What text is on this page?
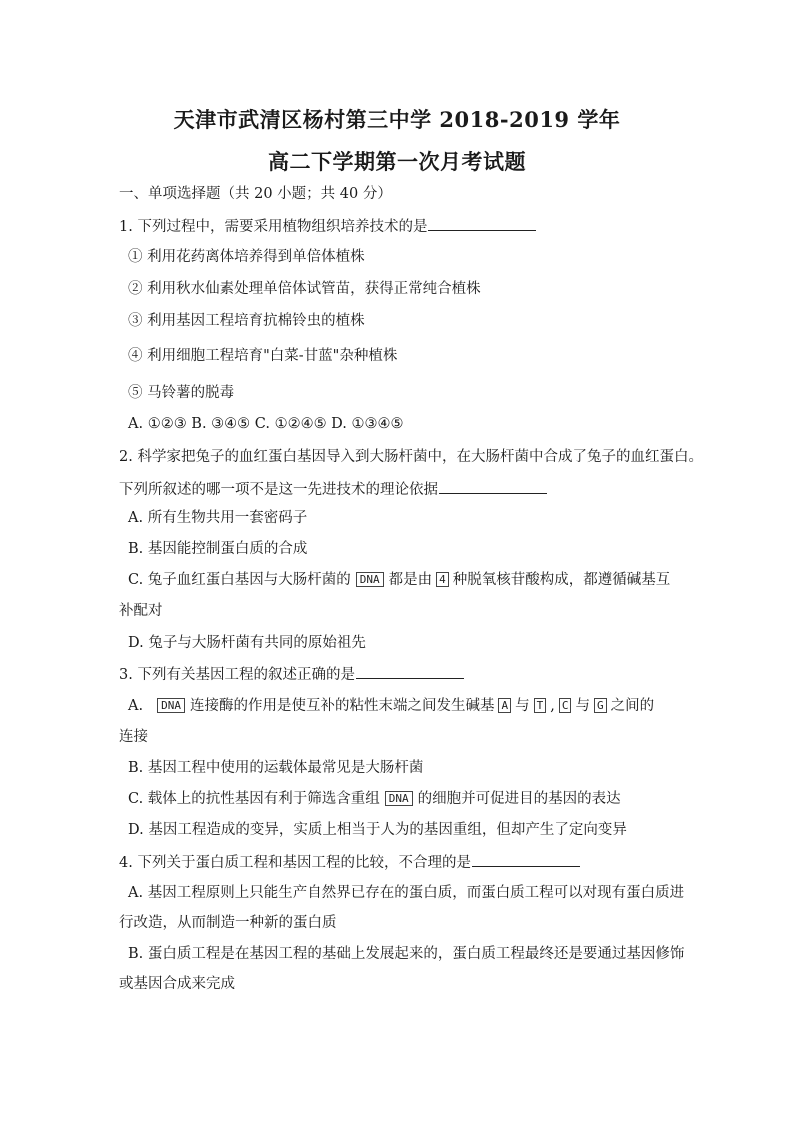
天津市武清区杨村第三中学 2018-2019 学年
高二下学期第一次月考试题
一、单项选择题（共 20 小题；共 40 分）
1. 下列过程中，需要采用植物组织培养技术的是
① 利用花药离体培养得到单倍体植株
② 利用秋水仙素处理单倍体试管苗，获得正常纯合植株
③ 利用基因工程培育抗棉铃虫的植株
④ 利用细胞工程培育"白菜-甘蓝"杂种植株
⑤ 马铃薯的脱毒
A. ①②③ B. ③④⑤ C. ①②④⑤ D. ①③④⑤
2. 科学家把兔子的血红蛋白基因导入到大肠杆菌中，在大肠杆菌中合成了兔子的血红蛋白。
下列所叙述的哪一项不是这一先进技术的理论依据
A. 所有生物共用一套密码子
B. 基因能控制蛋白质的合成
C. 兔子血红蛋白基因与大肠杆菌的 DNA 都是由 4 种脱氧核苷酸构成，都遵循碱基互
补配对
D. 兔子与大肠杆菌有共同的原始祖先
3. 下列有关基因工程的叙述正确的是
A. DNA 连接酶的作用是使互补的粘性末端之间发生碱基 A 与 T , C 与 G 之间的
连接
B. 基因工程中使用的运载体最常见是大肠杆菌
C. 载体上的抗性基因有利于筛选含重组 DNA 的细胞并可促进目的基因的表达
D. 基因工程造成的变异，实质上相当于人为的基因重组，但却产生了定向变异
4. 下列关于蛋白质工程和基因工程的比较，不合理的是
A. 基因工程原则上只能生产自然界已存在的蛋白质，而蛋白质工程可以对现有蛋白质进
行改造，从而制造一种新的蛋白质
B. 蛋白质工程是在基因工程的基础上发展起来的，蛋白质工程最终还是要通过基因修饰
或基因合成来完成
